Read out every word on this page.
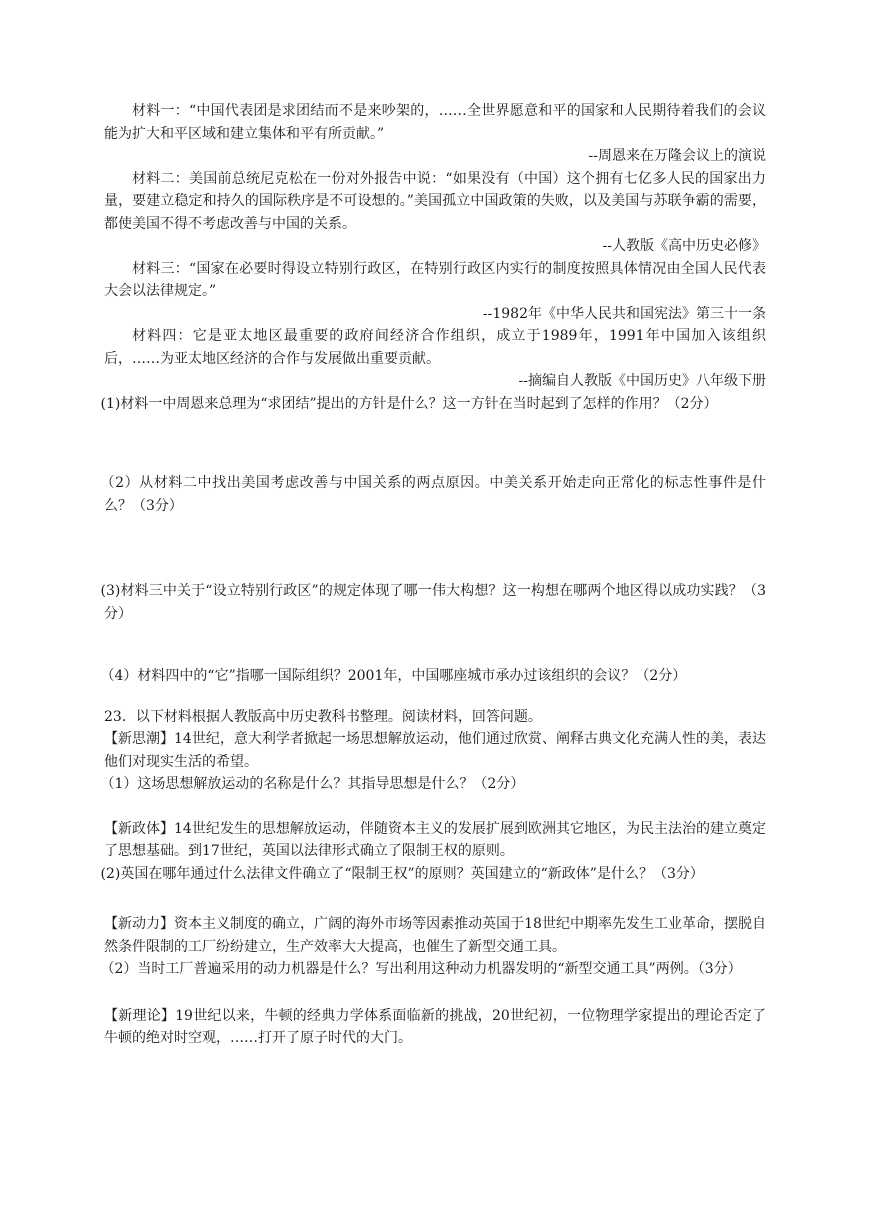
材料一：“中国代表团是求团结而不是来吵架的，……全世界愿意和平的国家和人民期待着我们的会议能为扩大和平区域和建立集体和平有所贡献。”

--周恩来在万隆会议上的演说

材料二：美国前总统尼克松在一份对外报告中说：“如果没有（中国）这个拥有七亿多人民的国家出力量，要建立稳定和持久的国际秩序是不可设想的。”美国孤立中国政策的失败，以及美国与苏联争霸的需要，都使美国不得不考虑改善与中国的关系。

--人教版《高中历史必修》

材料三：“国家在必要时得设立特别行政区，在特别行政区内实行的制度按照具体情况由全国人民代表大会以法律规定。”

--1982年《中华人民共和国宪法》第三十一条

材料四：它是亚太地区最重要的政府间经济合作组织，成立于1989年，1991年中国加入该组织后，……为亚太地区经济的合作与发展做出重要贡献。

--摘编自人教版《中国历史》八年级下册

(1)材料一中周恩来总理为“求团结”提出的方针是什么？这一方针在当时起到了怎样的作用？（2分）

（2）从材料二中找出美国考虑改善与中国关系的两点原因。中美关系开始走向正常化的标志性事件是什么？（3分）

(3)材料三中关于“设立特别行政区”的规定体现了哪一伟大构想？这一构想在哪两个地区得以成功实践？（3分）

（4）材料四中的“它”指哪一国际组织？2001年，中国哪座城市承办过该组织的会议？（2分）

23．以下材料根据人教版高中历史教科书整理。阅读材料，回答问题。

【新思潮】14世纪，意大利学者掀起一场思想解放运动，他们通过欣赏、阐释古典文化充满人性的美，表达他们对现实生活的希望。

（1）这场思想解放运动的名称是什么？其指导思想是什么？（2分）

【新政体】14世纪发生的思想解放运动，伴随资本主义的发展扩展到欧洲其它地区，为民主法治的建立奠定了思想基础。到17世纪，英国以法律形式确立了限制王权的原则。

(2)英国在哪年通过什么法律文件确立了“限制王权”的原则？英国建立的“新政体”是什么？（3分）

【新动力】资本主义制度的确立，广阔的海外市场等因素推动英国于18世纪中期率先发生工业革命，摆脱自然条件限制的工厂纷纷建立，生产效率大大提高，也催生了新型交通工具。

（2）当时工厂普遍采用的动力机器是什么？写出利用这种动力机器发明的“新型交通工具”两例。（3分）

【新理论】19世纪以来，牛顿的经典力学体系面临新的挑战，20世纪初，一位物理学家提出的理论否定了牛顿的绝对时空观，……打开了原子时代的大门。
